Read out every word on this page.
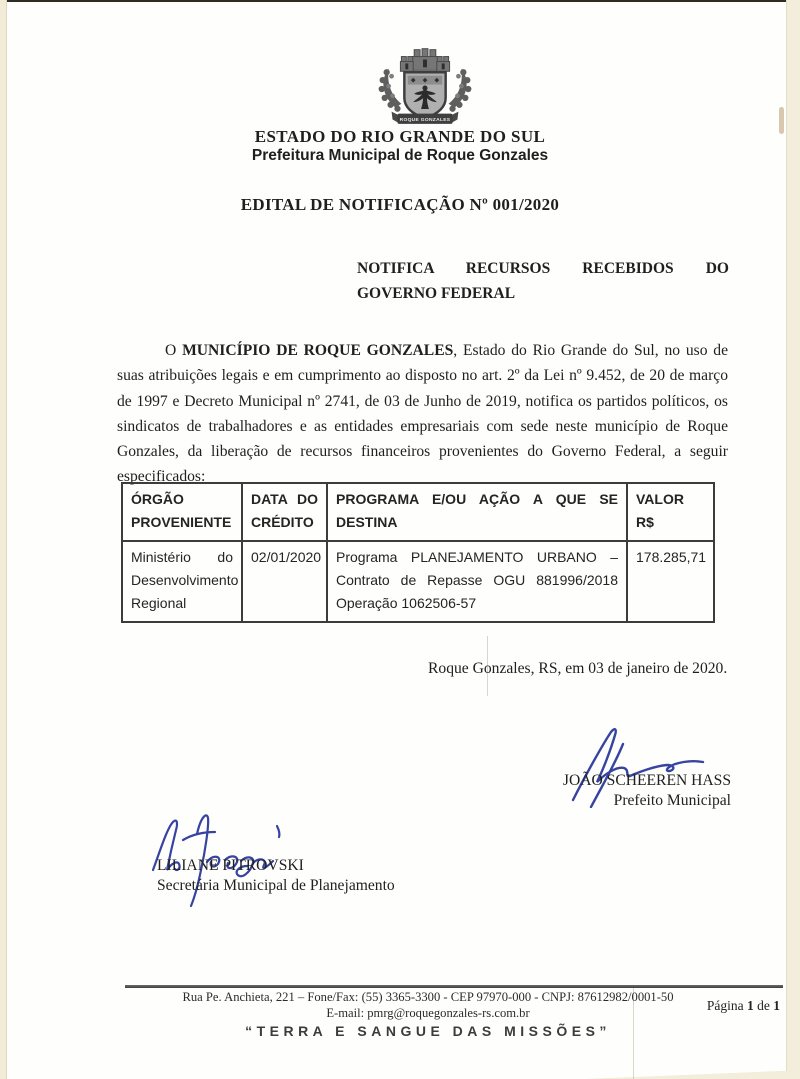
ROQUE GONZALES
ESTADO DO RIO GRANDE DO SUL
Prefeitura Municipal de Roque Gonzales
EDITAL DE NOTIFICAÇÃO Nº 001/2020
NOTIFICA RECURSOS RECEBIDOS DO
GOVERNO FEDERAL
O MUNICÍPIO DE ROQUE GONZALES, Estado do Rio Grande do Sul, no uso de suas atribuições legais e em cumprimento ao disposto no art. 2º da Lei nº 9.452, de 20 de março de 1997 e Decreto Municipal nº 2741, de 03 de Junho de 2019, notifica os partidos políticos, os sindicatos de trabalhadores e as entidades empresariais com sede neste município de Roque Gonzales, da liberação de recursos financeiros provenientes do Governo Federal, a seguir especificados:
ÓRGÃO PROVENIENTE	DATA DO CRÉDITO	PROGRAMA E/OU AÇÃO A QUE SE DESTINA	VALOR R$
Ministério do Desenvolvimento Regional	02/01/2020	Programa PLANEJAMENTO URBANO – Contrato de Repasse OGU 881996/2018 Operação 1062506-57	178.285,71
Roque Gonzales, RS, em 03 de janeiro de 2020.
JOÃO SCHEEREN HASS
Prefeito Municipal
LILIANE PITROVSKI
Secretária Municipal de Planejamento
Rua Pe. Anchieta, 221 – Fone/Fax: (55) 3365-3300 - CEP 97970-000 - CNPJ: 87612982/0001-50
E-mail: pmrg@roquegonzales-rs.com.br
“TERRA E SANGUE DAS MISSÕES”
Página 1 de 1
